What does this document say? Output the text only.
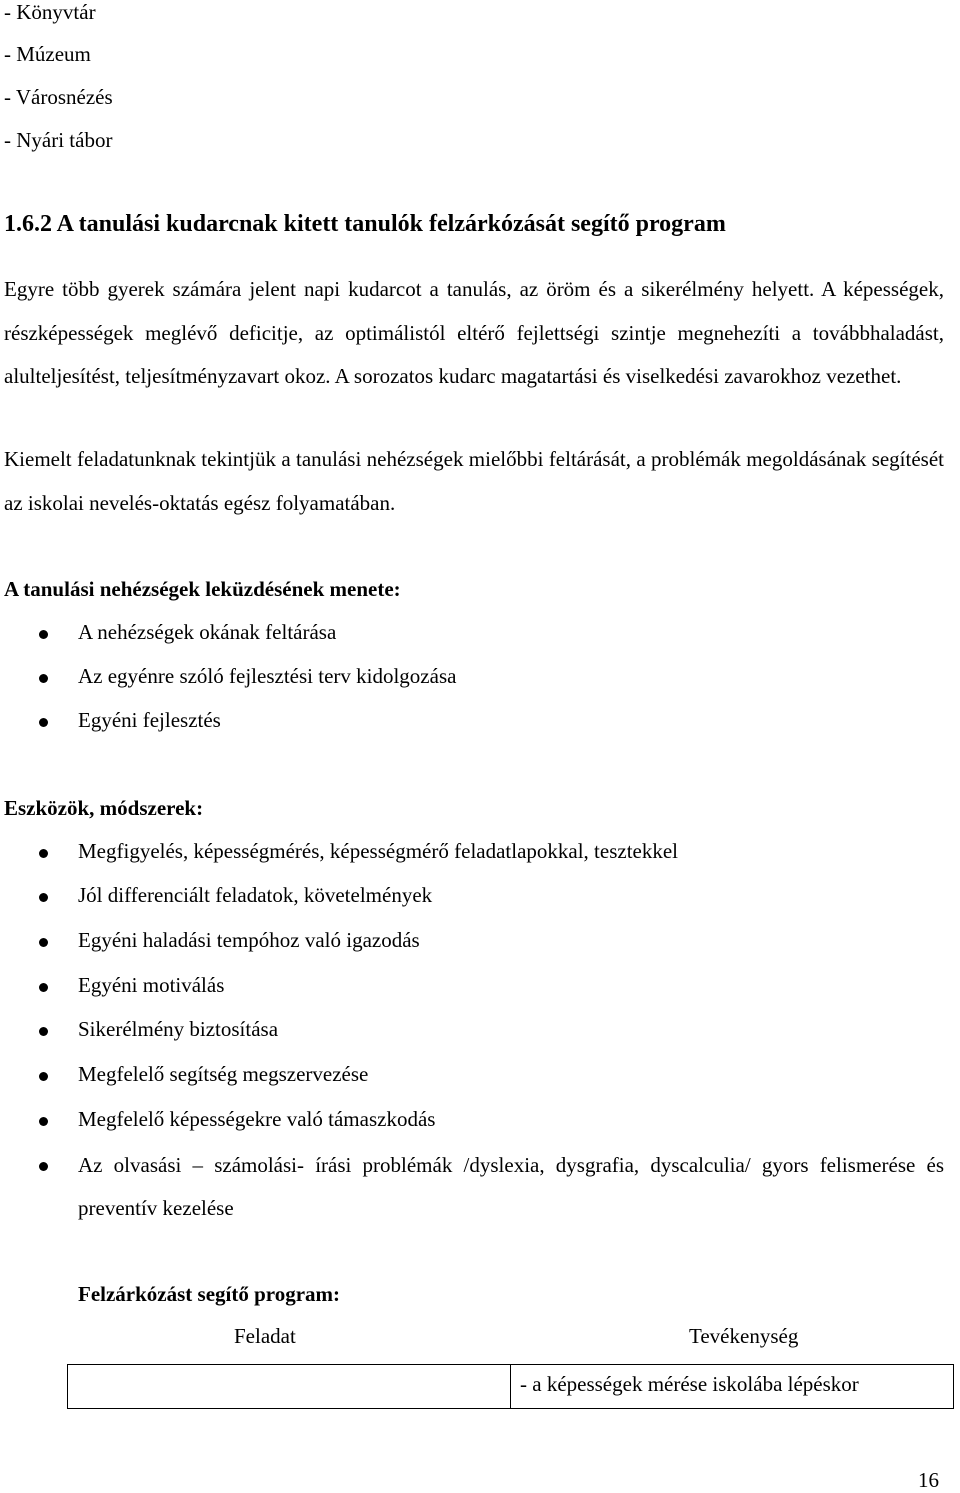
- Könyvtár
- Múzeum
- Városnézés
- Nyári tábor
1.6.2 A tanulási kudarcnak kitett tanulók felzárkózását segítő program
Egyre több gyerek számára jelent napi kudarcot a tanulás, az öröm és a sikerélmény helyett. A képességek, részképességek meglévő deficitje, az optimálistól eltérő fejlettségi szintje megnehezíti a továbbhaladást, alulteljesítést, teljesítményzavart okoz. A sorozatos kudarc magatartási és viselkedési zavarokhoz vezethet.
Kiemelt feladatunknak tekintjük a tanulási nehézségek mielőbbi feltárását, a problémák megoldásának segítését az iskolai nevelés-oktatás egész folyamatában.
A tanulási nehézségek leküzdésének menete:
A nehézségek okának feltárása
Az egyénre szóló fejlesztési terv kidolgozása
Egyéni fejlesztés
Eszközök, módszerek:
Megfigyelés, képességmérés, képességmérő feladatlapokkal, tesztekkel
Jól differenciált feladatok, követelmények
Egyéni haladási tempóhoz való igazodás
Egyéni motiválás
Sikerélmény biztosítása
Megfelelő segítség megszervezése
Megfelelő képességekre való támaszkodás
Az olvasási – számolási- írási problémák /dyslexia, dysgrafia, dyscalculia/ gyors felismerése és preventív kezelése
Felzárkózást segítő program:
Feladat	Tevékenység
- a képességek mérése iskolába lépéskor
16
